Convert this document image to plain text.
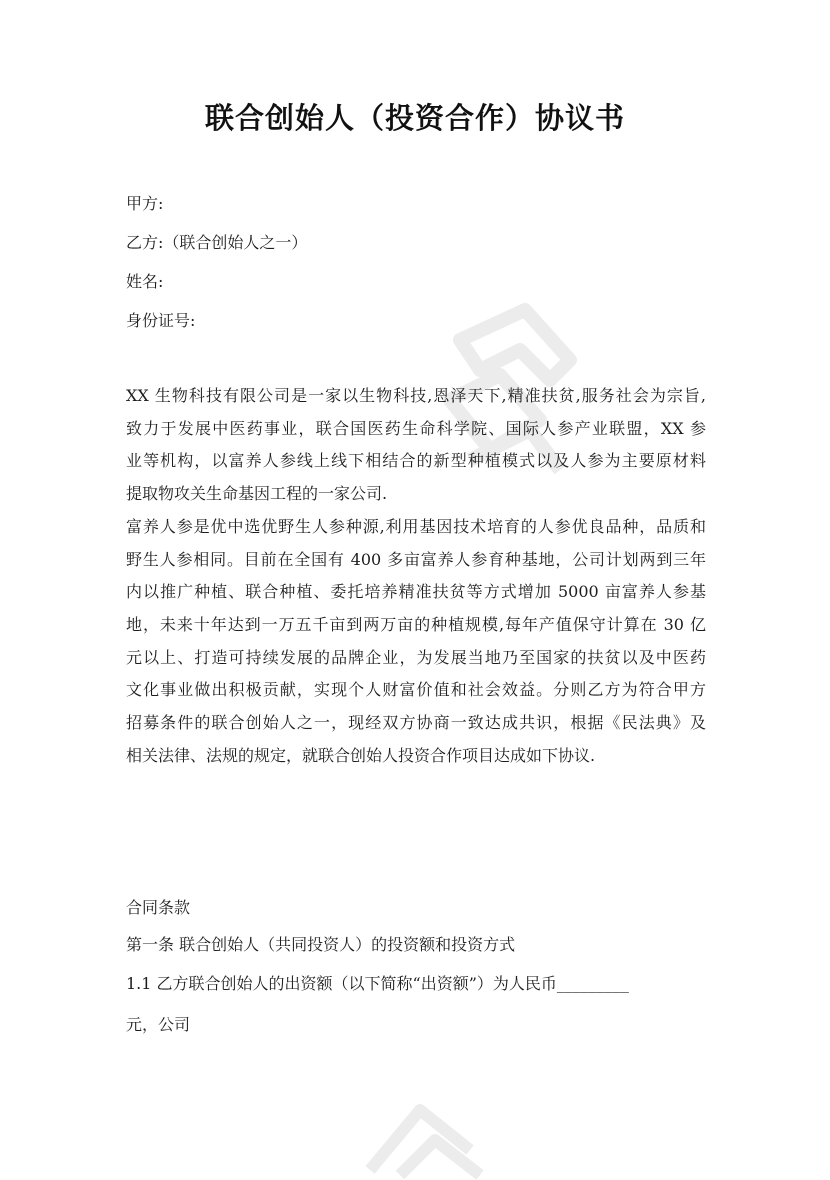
联合创始人（投资合作）协议书
甲方:
乙方:（联合创始人之一）
姓名:
身份证号:
XX 生物科技有限公司是一家以生物科技,恩泽天下,精准扶贫,服务社会为宗旨,
致力于发展中医药事业，联合国医药生命科学院、国际人参产业联盟，XX 参
业等机构，以富养人参线上线下相结合的新型种植模式以及人参为主要原材料
提取物攻关生命基因工程的一家公司.
富养人参是优中选优野生人参种源,利用基因技术培育的人参优良品种，品质和
野生人参相同。目前在全国有 400 多亩富养人参育种基地，公司计划两到三年
内以推广种植、联合种植、委托培养精准扶贫等方式增加 5000 亩富养人参基
地，未来十年达到一万五千亩到两万亩的种植规模,每年产值保守计算在 30 亿
元以上、打造可持续发展的品牌企业，为发展当地乃至国家的扶贫以及中医药
文化事业做出积极贡献，实现个人财富价值和社会效益。分则乙方为符合甲方
招募条件的联合创始人之一，现经双方协商一致达成共识，根据《民法典》及
相关法律、法规的规定，就联合创始人投资合作项目达成如下协议.
合同条款
第一条 联合创始人（共同投资人）的投资额和投资方式
1.1 乙方联合创始人的出资额（以下简称“出资额”）为人民币_________
元，公司
